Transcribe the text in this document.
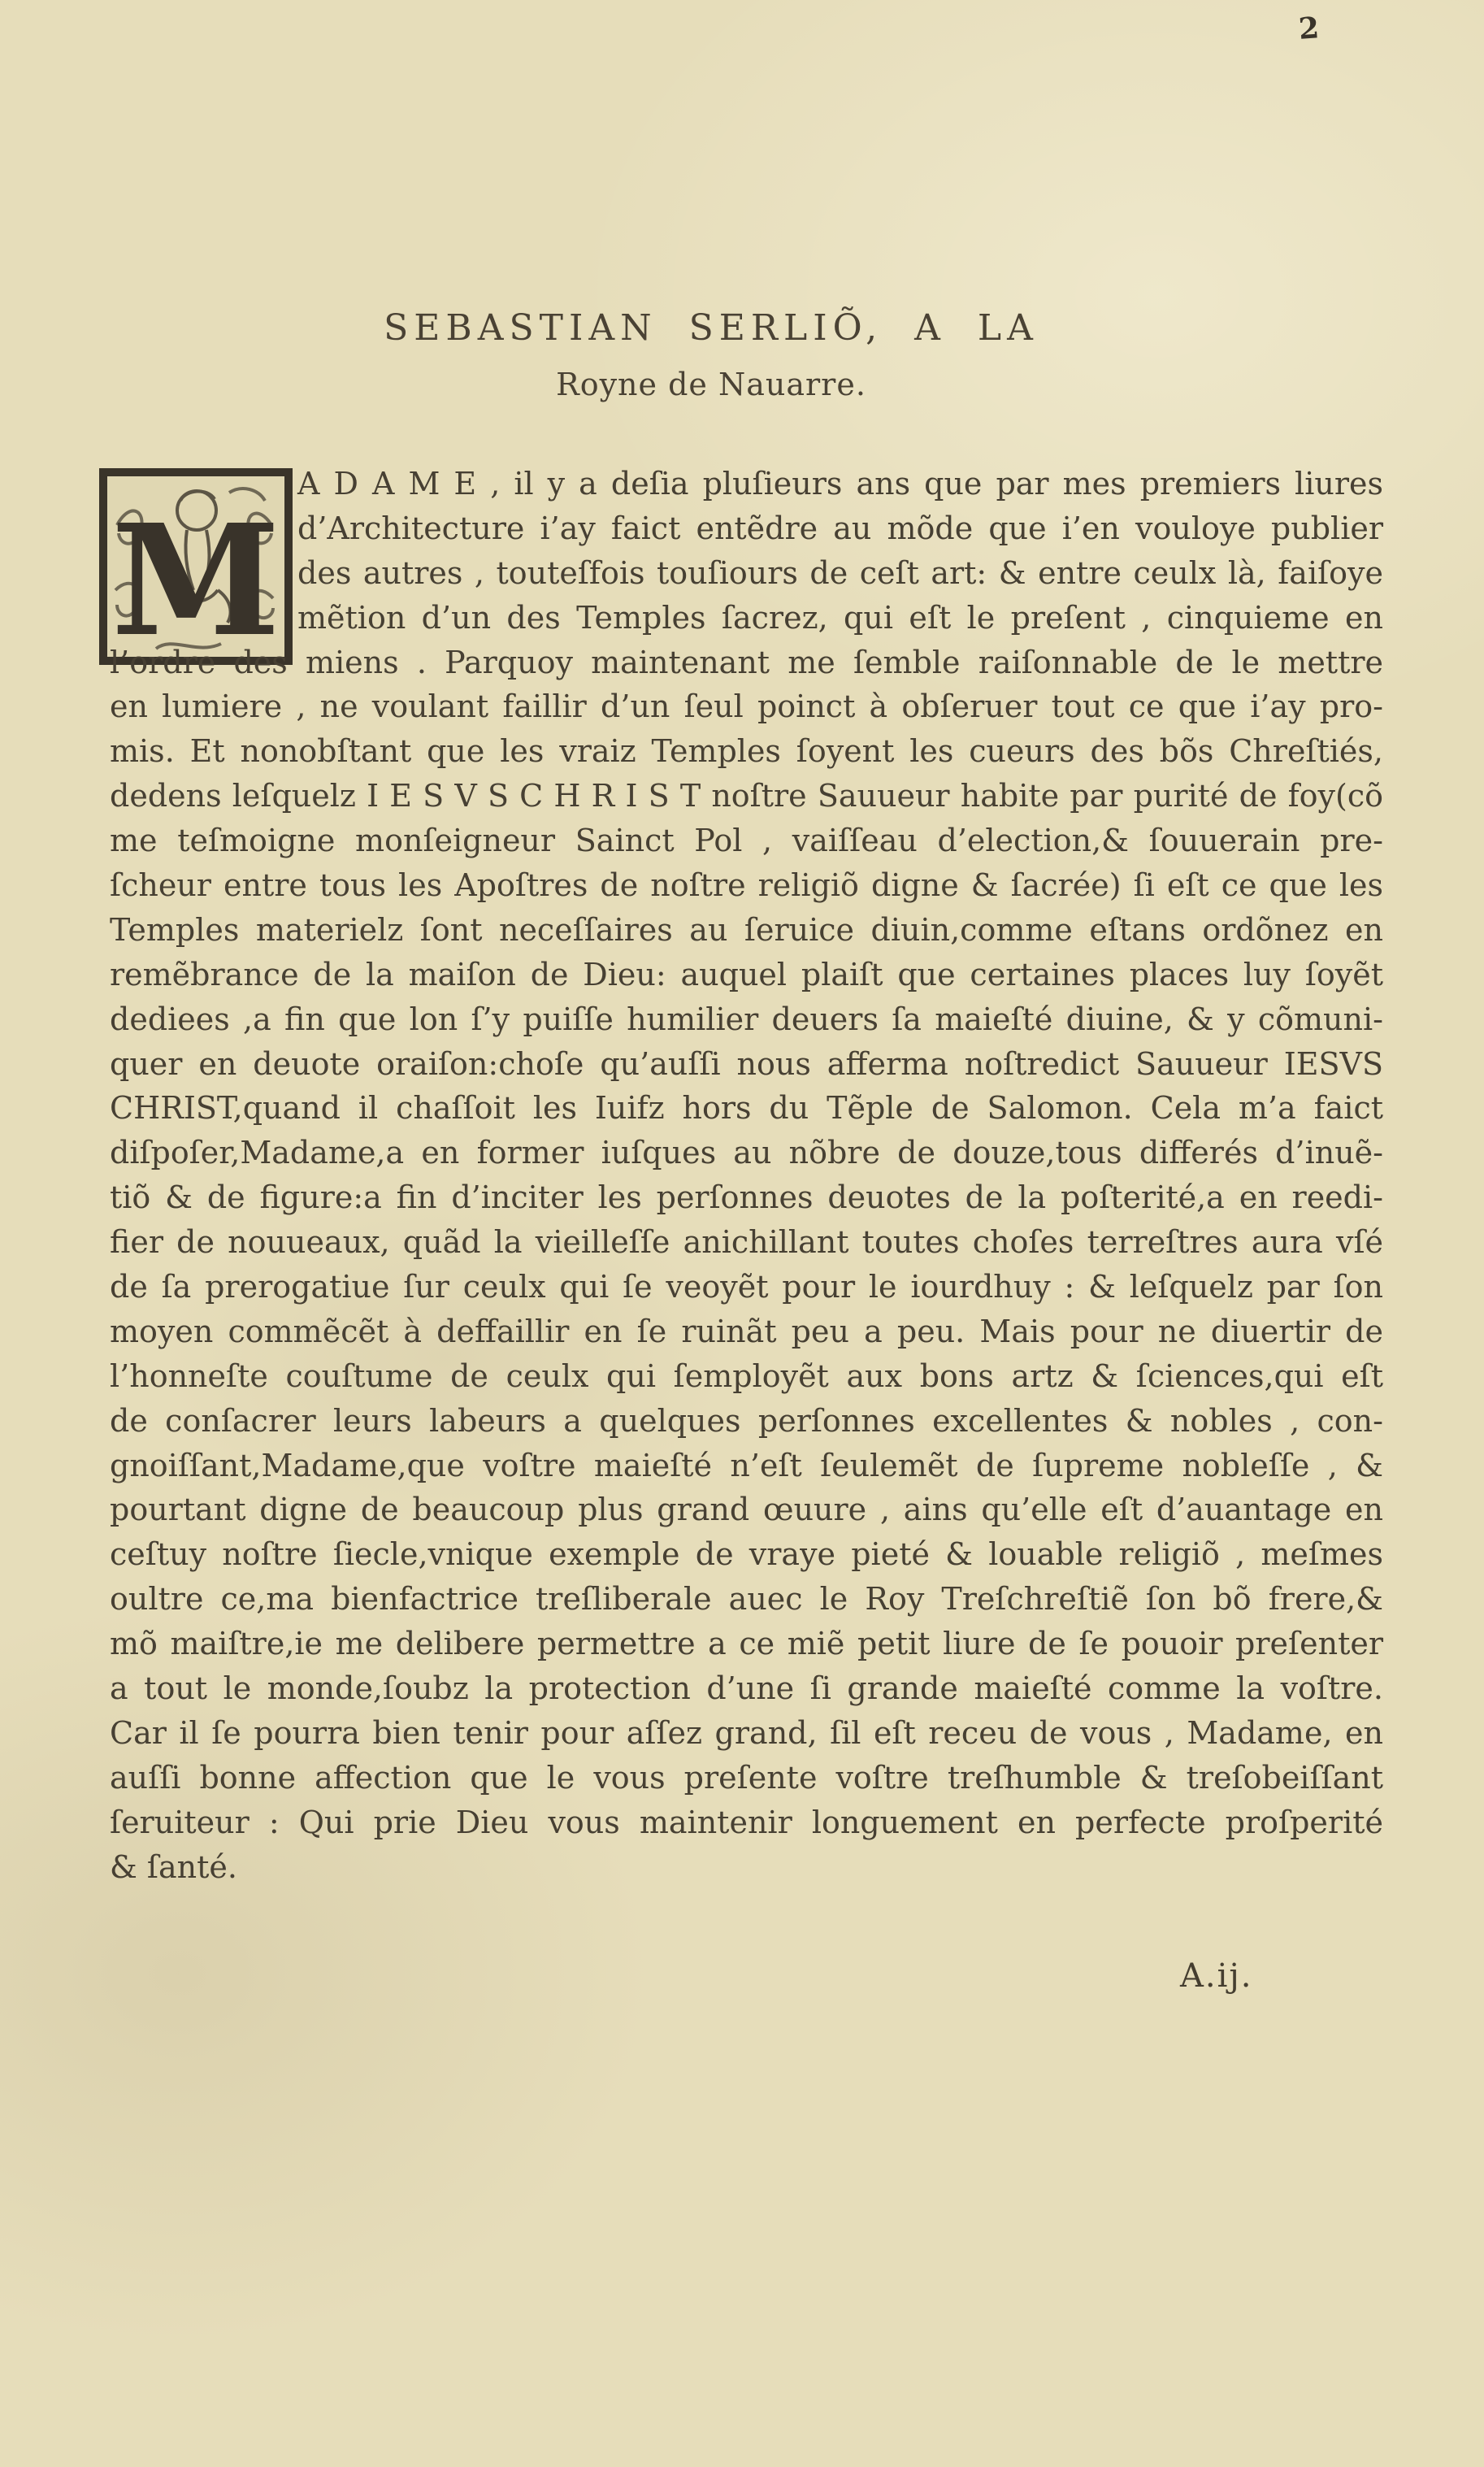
2
SEBASTIAN SERLIÕ, A LA
Royne de Nauarre.
M
A D A M E , il y a deſia pluſieurs ans que par mes premiers liures
d’Architecture i’ay faict entẽdre au mõde que i’en vouloye publier
des autres , touteſfois touſiours de ceſt art: & entre ceulx là, faiſoye
mẽtion d’un des Temples ſacrez, qui eſt le preſent , cinquieme en
l’ordre des miens . Parquoy maintenant me ſemble raiſonnable de le mettre
en lumiere , ne voulant faillir d’un ſeul poinct à obſeruer tout ce que i’ay pro-
mis. Et nonobſtant que les vraiz Temples ſoyent les cueurs des bõs Chreſtiés,
dedens leſquelz I E S V S C H R I S T noſtre Sauueur habite par purité de foy(cõ
me teſmoigne monſeigneur Sainct Pol , vaiſſeau d’election,& ſouuerain pre-
ſcheur entre tous les Apoſtres de noſtre religiõ digne & ſacrée) ſi eſt ce que les
Temples materielz ſont neceſſaires au ſeruice diuin,comme eſtans ordõnez en
remẽbrance de la maiſon de Dieu: auquel plaiſt que certaines places luy ſoyẽt
dediees ,a fin que lon ſ’y puiſſe humilier deuers ſa maieſté diuine, & y cõmuni-
quer en deuote oraiſon:choſe qu’auſſi nous afferma noſtredict Sauueur IESVS
CHRIST,quand il chaſſoit les Iuifz hors du Tẽple de Salomon. Cela m’a faict
diſpoſer,Madame,a en former iuſques au nõbre de douze,tous differés d’inuẽ-
tiõ & de figure:a fin d’inciter les perſonnes deuotes de la poſterité,a en reedi-
fier de nouueaux, quãd la vieilleſſe anichillant toutes choſes terreſtres aura vſé
de ſa prerogatiue ſur ceulx qui ſe veoyẽt pour le iourdhuy : & leſquelz par ſon
moyen commẽcẽt à deffaillir en ſe ruinãt peu a peu. Mais pour ne diuertir de
l’honneſte couſtume de ceulx qui ſemployẽt aux bons artz & ſciences,qui eſt
de conſacrer leurs labeurs a quelques perſonnes excellentes & nobles , con-
gnoiſſant,Madame,que voſtre maieſté n’eſt ſeulemẽt de ſupreme nobleſſe , &
pourtant digne de beaucoup plus grand œuure , ains qu’elle eſt d’auantage en
ceſtuy noſtre ſiecle,vnique exemple de vraye pieté & louable religiõ , meſmes
oultre ce,ma bienfactrice treſliberale auec le Roy Treſchreſtiẽ ſon bõ frere,&
mõ maiſtre,ie me delibere permettre a ce miẽ petit liure de ſe pouoir preſenter
a tout le monde,ſoubz la protection d’une ſi grande maieſté comme la voſtre.
Car il ſe pourra bien tenir pour aſſez grand, ſil eſt receu de vous , Madame, en
auſſi bonne affection que le vous preſente voſtre treſhumble & treſobeiſſant
ſeruiteur : Qui prie Dieu vous maintenir longuement en perfecte proſperité
& ſanté.
A.ij.
